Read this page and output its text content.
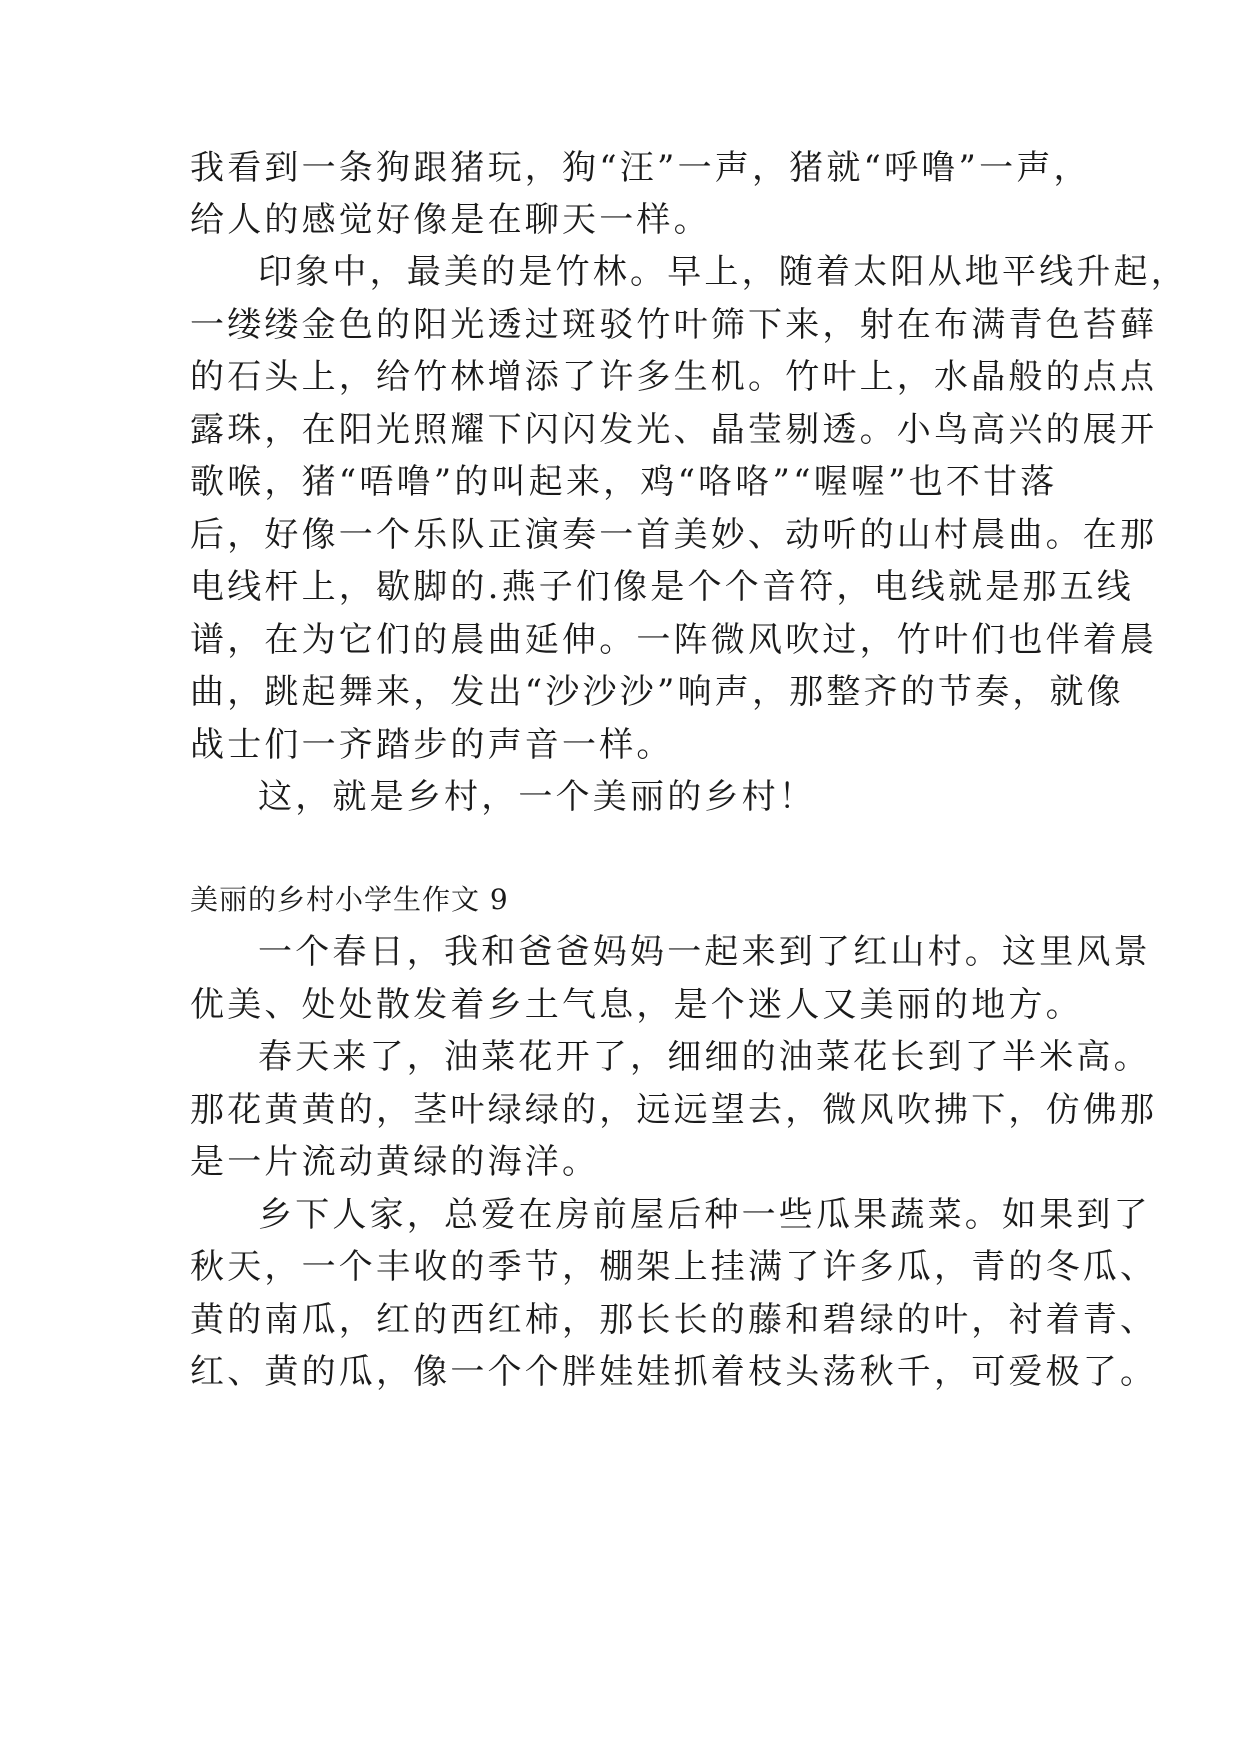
我看到一条狗跟猪玩，狗“汪”一声，猪就“呼噜”一声，
给人的感觉好像是在聊天一样。
印象中，最美的是竹林。早上，随着太阳从地平线升起，
一缕缕金色的阳光透过斑驳竹叶筛下来，射在布满青色苔藓
的石头上，给竹林增添了许多生机。竹叶上，水晶般的点点
露珠，在阳光照耀下闪闪发光、晶莹剔透。小鸟高兴的展开
歌喉，猪“唔噜”的叫起来，鸡“咯咯”“喔喔”也不甘落
后，好像一个乐队正演奏一首美妙、动听的山村晨曲。在那
电线杆上，歇脚的.燕子们像是个个音符，电线就是那五线
谱，在为它们的晨曲延伸。一阵微风吹过，竹叶们也伴着晨
曲，跳起舞来，发出“沙沙沙”响声，那整齐的节奏，就像
战士们一齐踏步的声音一样。
这，就是乡村，一个美丽的乡村！
美丽的乡村小学生作文 9
一个春日，我和爸爸妈妈一起来到了红山村。这里风景
优美、处处散发着乡土气息，是个迷人又美丽的地方。
春天来了，油菜花开了，细细的油菜花长到了半米高。
那花黄黄的，茎叶绿绿的，远远望去，微风吹拂下，仿佛那
是一片流动黄绿的海洋。
乡下人家，总爱在房前屋后种一些瓜果蔬菜。如果到了
秋天，一个丰收的季节，棚架上挂满了许多瓜，青的冬瓜、
黄的南瓜，红的西红柿，那长长的藤和碧绿的叶，衬着青、
红、黄的瓜，像一个个胖娃娃抓着枝头荡秋千，可爱极了。
